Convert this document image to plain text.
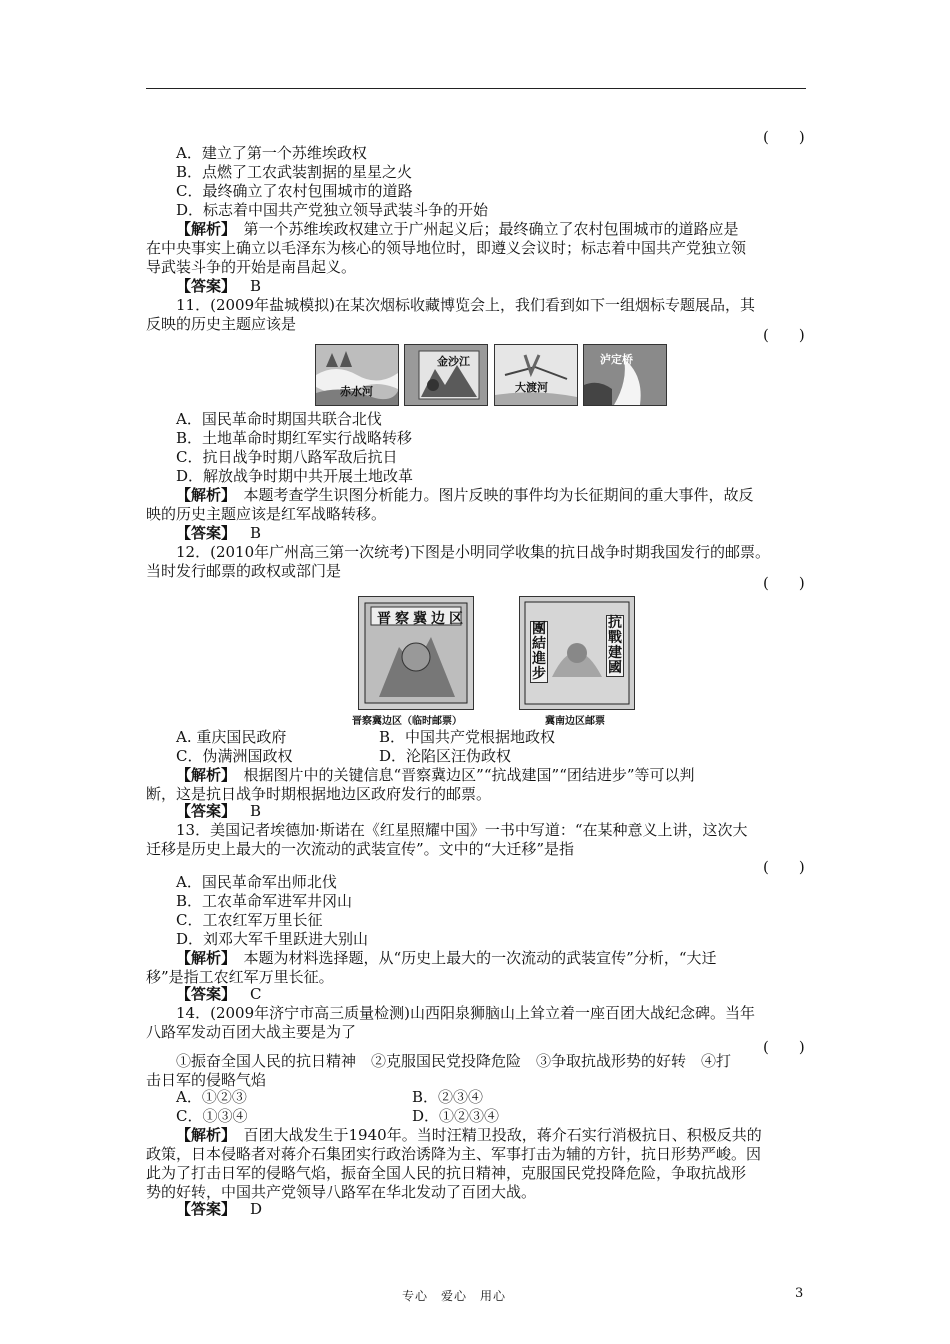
(　　)
A．建立了第一个苏维埃政权
B．点燃了工农武装割据的星星之火
C．最终确立了农村包围城市的道路
D．标志着中国共产党独立领导武装斗争的开始
【解析】　第一个苏维埃政权建立于广州起义后；最终确立了农村包围城市的道路应是
在中央事实上确立以毛泽东为核心的领导地位时，即遵义会议时；标志着中国共产党独立领
导武装斗争的开始是南昌起义。
【答案】 B
11．(2009年盐城模拟)在某次烟标收藏博览会上，我们看到如下一组烟标专题展品，其
反映的历史主题应该是
(　　)
赤水河
金沙江
大渡河
泸定桥
A．国民革命时期国共联合北伐
B．土地革命时期红军实行战略转移
C．抗日战争时期八路军敌后抗日
D．解放战争时期中共开展土地改革
【解析】　本题考查学生识图分析能力。图片反映的事件均为长征期间的重大事件，故反
映的历史主题应该是红军战略转移。
【答案】 B
12．(2010年广州高三第一次统考)下图是小明同学收集的抗日战争时期我国发行的邮票。
当时发行邮票的政权或部门是
(　　)
晋察冀边区
晋察冀边区（临时邮票）
團結進步
抗戰建國
冀南边区邮票
A. 重庆国民政府	B．中国共产党根据地政权
C．伪满洲国政权	D．沦陷区汪伪政权
【解析】　根据图片中的关键信息“晋察冀边区”“抗战建国”“团结进步”等可以判
断，这是抗日战争时期根据地边区政府发行的邮票。
【答案】 B
13．美国记者埃德加·斯诺在《红星照耀中国》一书中写道：“在某种意义上讲，这次大
迁移是历史上最大的一次流动的武装宣传”。文中的“大迁移”是指
(　　)
A．国民革命军出师北伐
B．工农革命军进军井冈山
C．工农红军万里长征
D．刘邓大军千里跃进大别山
【解析】　本题为材料选择题，从“历史上最大的一次流动的武装宣传”分析，“大迁
移”是指工农红军万里长征。
【答案】 C
14．(2009年济宁市高三质量检测)山西阳泉狮脑山上耸立着一座百团大战纪念碑。当年
八路军发动百团大战主要是为了
(　　)
①振奋全国人民的抗日精神　②克服国民党投降危险　③争取抗战形势的好转　④打
击日军的侵略气焰
A．①②③	B．②③④
C．①③④	D．①②③④
【解析】　百团大战发生于1940年。当时汪精卫投敌，蒋介石实行消极抗日、积极反共的
政策，日本侵略者对蒋介石集团实行政治诱降为主、军事打击为辅的方针，抗日形势严峻。因
此为了打击日军的侵略气焰，振奋全国人民的抗日精神，克服国民党投降危险，争取抗战形
势的好转，中国共产党领导八路军在华北发动了百团大战。
【答案】 D
专心　爱心　用心	3
